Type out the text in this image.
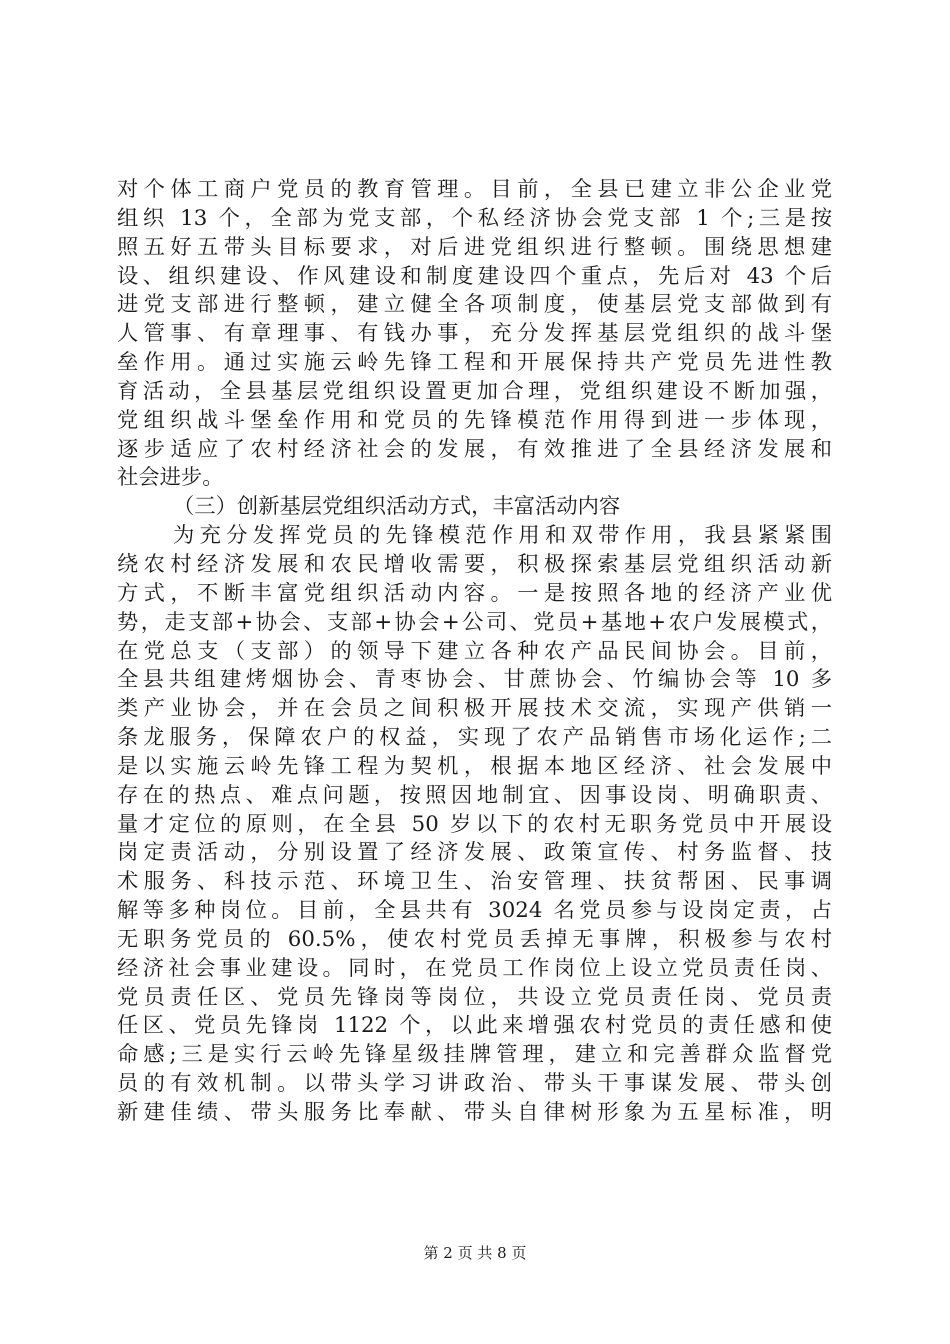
对个体工商户党员的教育管理。目前，全县已建立非公企业党
组织 13 个，全部为党支部，个私经济协会党支部 1 个;三是按
照五好五带头目标要求，对后进党组织进行整顿。围绕思想建
设、组织建设、作风建设和制度建设四个重点，先后对 43 个后
进党支部进行整顿，建立健全各项制度，使基层党支部做到有
人管事、有章理事、有钱办事，充分发挥基层党组织的战斗堡
垒作用。通过实施云岭先锋工程和开展保持共产党员先进性教
育活动，全县基层党组织设置更加合理，党组织建设不断加强，
党组织战斗堡垒作用和党员的先锋模范作用得到进一步体现，
逐步适应了农村经济社会的发展，有效推进了全县经济发展和
社会进步。
（三）创新基层党组织活动方式，丰富活动内容
为充分发挥党员的先锋模范作用和双带作用，我县紧紧围
绕农村经济发展和农民增收需要，积极探索基层党组织活动新
方式，不断丰富党组织活动内容。一是按照各地的经济产业优
势，走支部+协会、支部+协会+公司、党员+基地+农户发展模式，
在党总支（支部）的领导下建立各种农产品民间协会。目前，
全县共组建烤烟协会、青枣协会、甘蔗协会、竹编协会等 10 多
类产业协会，并在会员之间积极开展技术交流，实现产供销一
条龙服务，保障农户的权益，实现了农产品销售市场化运作;二
是以实施云岭先锋工程为契机，根据本地区经济、社会发展中
存在的热点、难点问题，按照因地制宜、因事设岗、明确职责、
量才定位的原则，在全县 50 岁以下的农村无职务党员中开展设
岗定责活动，分别设置了经济发展、政策宣传、村务监督、技
术服务、科技示范、环境卫生、治安管理、扶贫帮困、民事调
解等多种岗位。目前，全县共有 3024 名党员参与设岗定责，占
无职务党员的 60.5%，使农村党员丢掉无事牌，积极参与农村
经济社会事业建设。同时，在党员工作岗位上设立党员责任岗、
党员责任区、党员先锋岗等岗位，共设立党员责任岗、党员责
任区、党员先锋岗 1122 个，以此来增强农村党员的责任感和使
命感;三是实行云岭先锋星级挂牌管理，建立和完善群众监督党
员的有效机制。以带头学习讲政治、带头干事谋发展、带头创
新建佳绩、带头服务比奉献、带头自律树形象为五星标准，明
第 2 页 共 8 页
